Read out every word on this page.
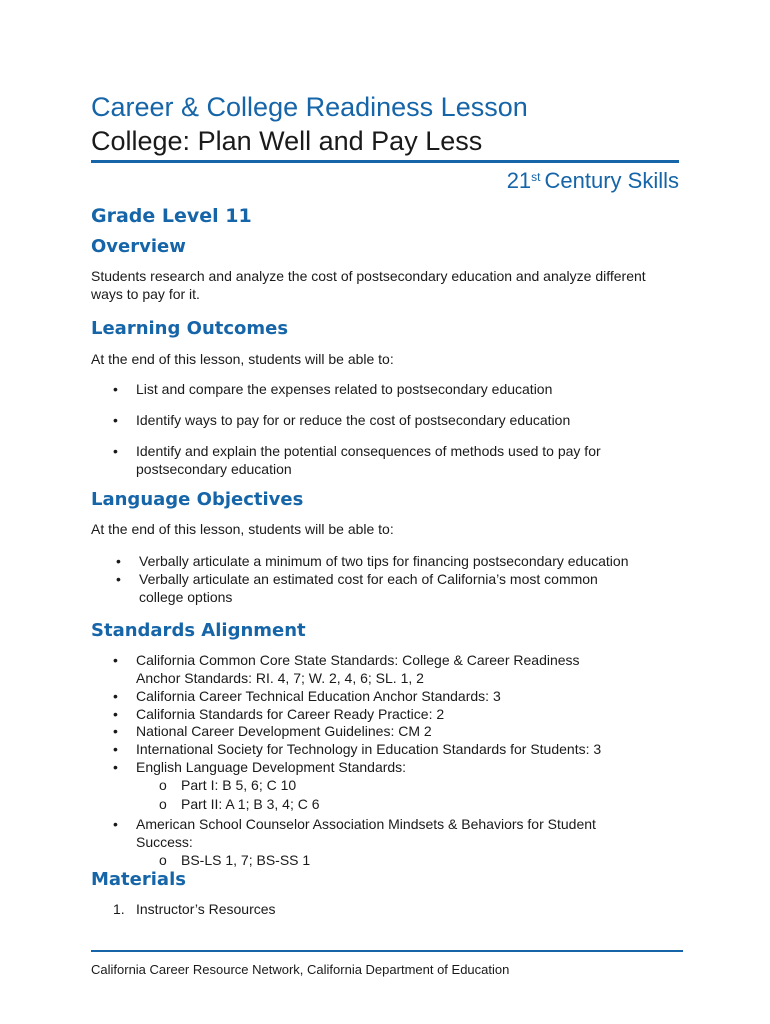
Career & College Readiness Lesson
College: Plan Well and Pay Less
21st Century Skills
Grade Level 11
Overview
Students research and analyze the cost of postsecondary education and analyze different ways to pay for it.
Learning Outcomes
At the end of this lesson, students will be able to:
•	List and compare the expenses related to postsecondary education
•	Identify ways to pay for or reduce the cost of postsecondary education
•	Identify and explain the potential consequences of methods used to pay for postsecondary education
Language Objectives
At the end of this lesson, students will be able to:
•	Verbally articulate a minimum of two tips for financing postsecondary education
•	Verbally articulate an estimated cost for each of California’s most common college options
Standards Alignment
•	California Common Core State Standards: College & Career Readiness Anchor Standards: RI. 4, 7; W. 2, 4, 6; SL. 1, 2
•	California Career Technical Education Anchor Standards: 3
•	California Standards for Career Ready Practice: 2
•	National Career Development Guidelines: CM 2
•	International Society for Technology in Education Standards for Students: 3
•	English Language Development Standards:
o	Part I: B 5, 6; C 10
o	Part II: A 1; B 3, 4; C 6
•	American School Counselor Association Mindsets & Behaviors for Student Success:
o	BS-LS 1, 7; BS-SS 1
Materials
1. Instructor’s Resources
California Career Resource Network, California Department of Education
